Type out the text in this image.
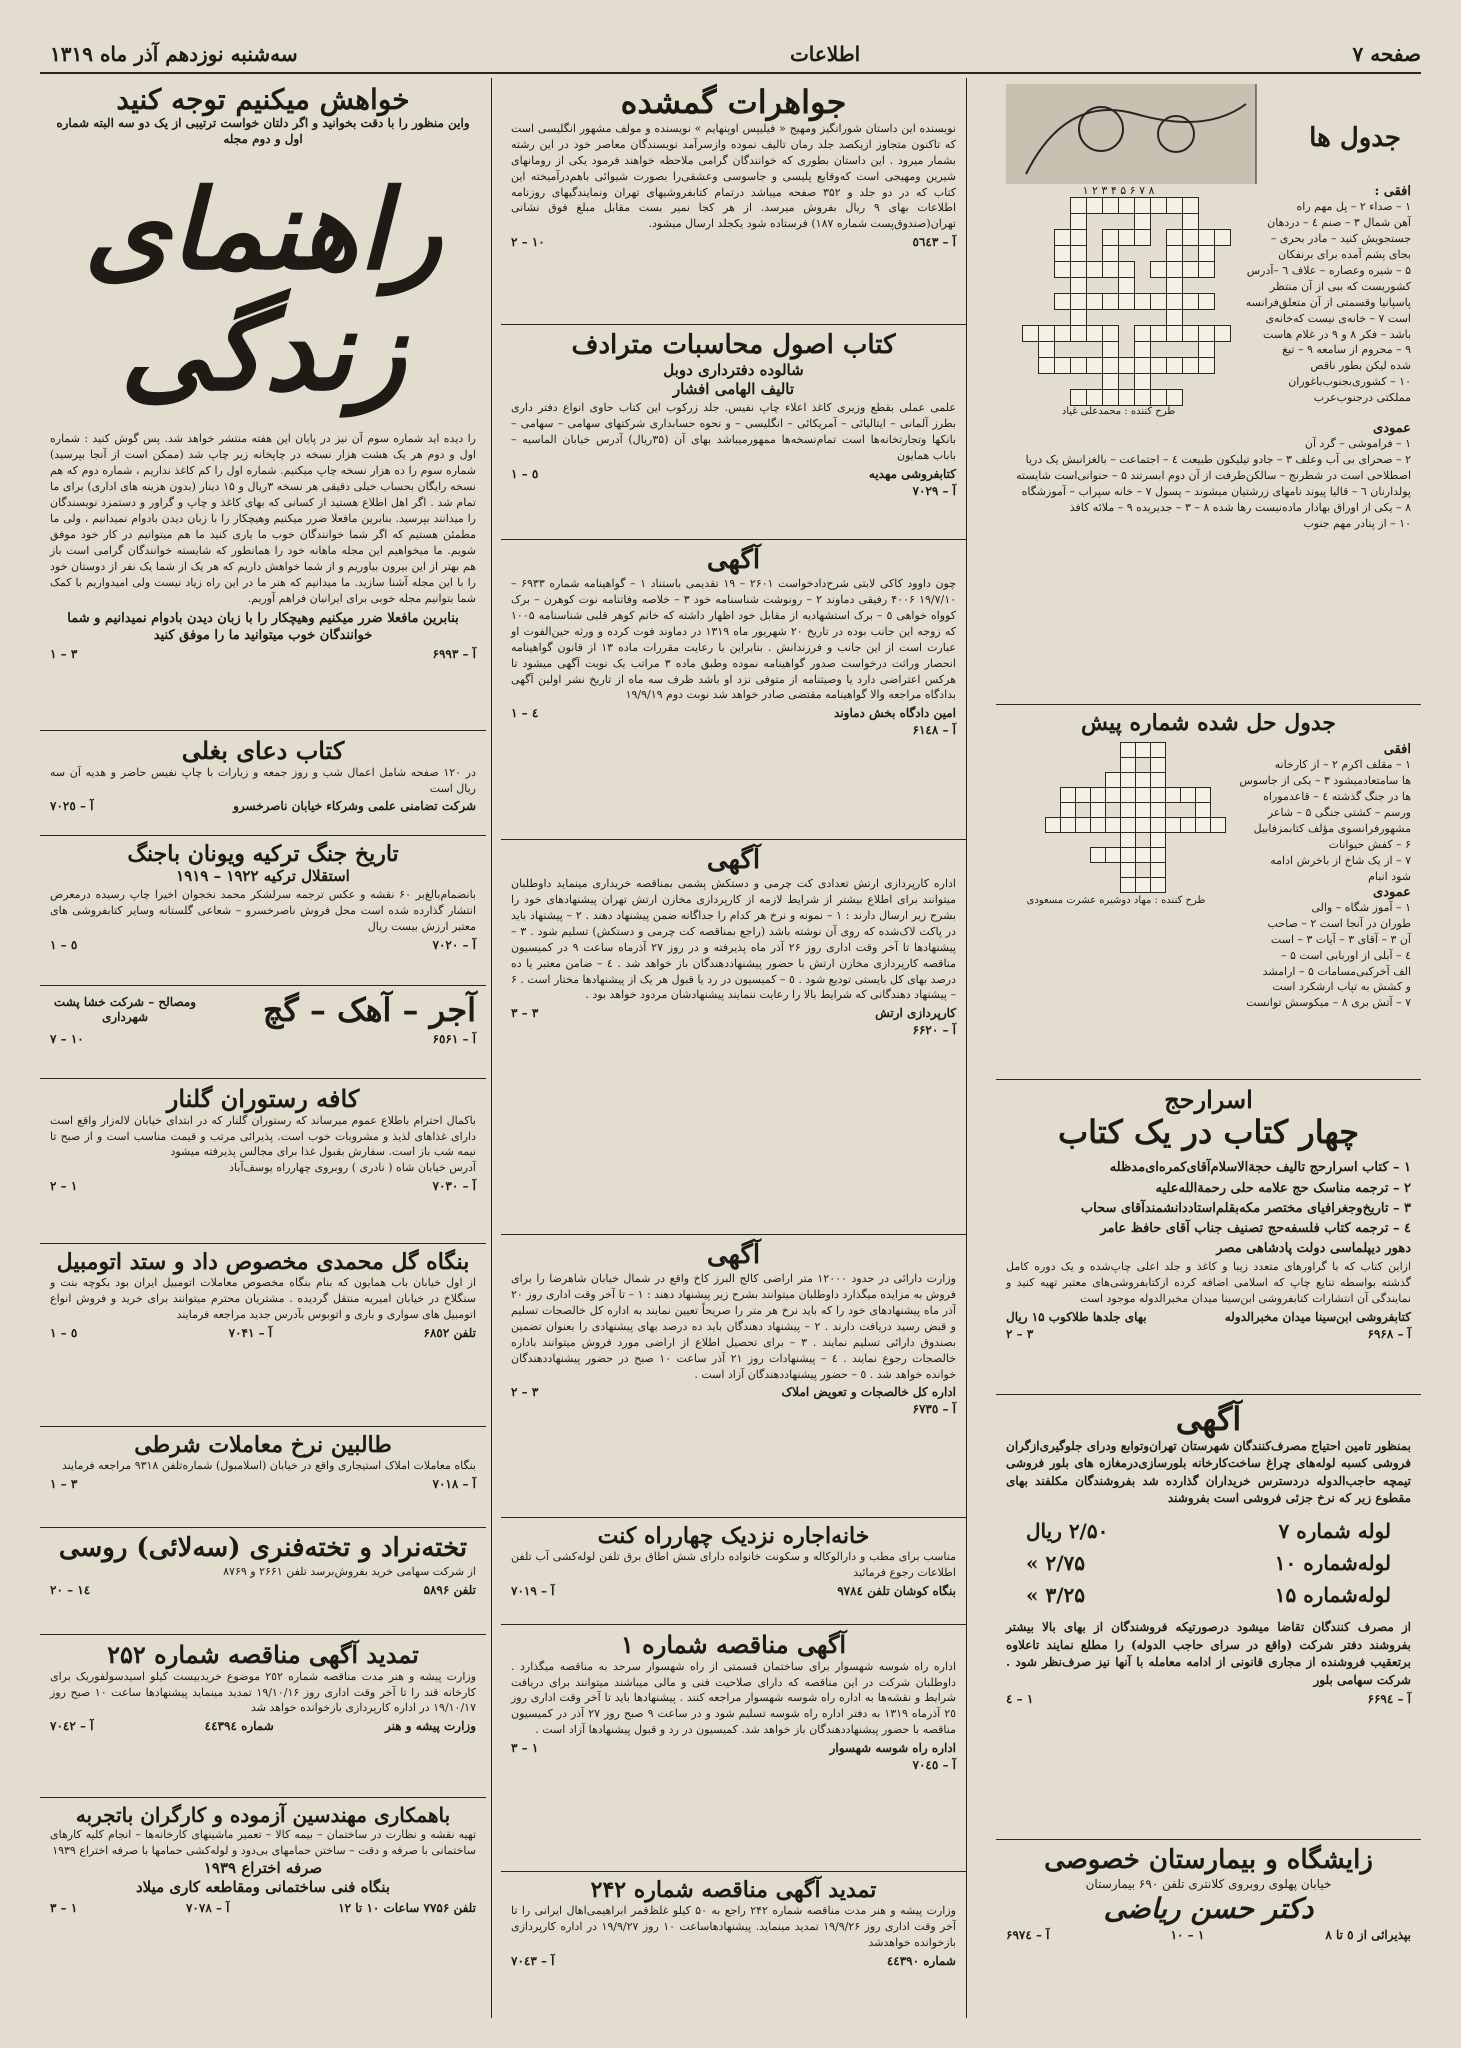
صفحه ۷
اطلاعات
سه‌شنبه نوزدهم آذر ماه ۱۳۱۹
جدول ها
افقی :
۱ – صداء ۲ – پل مهم راه
آهن شمال ۳ – صنم ٤ – دردهان
جستجویش کنید – مادر بحری –
بجای پشم آمده برای برنفکان
۵ – شیره وعصاره – علاف ٦ –آدرس
کشوریست که ببی از آن منتظر
پاسپانیا وقسمتی از آن متعلق‌فرانسه
است ۷ – خانه‌ی نیست که‌خانه‌ی
باشد – فکر ۸ و ۹ در غلام هاست
۹ – محروم از سامعه ۹ – تیغ
شده لیکن بطور ناقص
۱۰ – کشوری‌بجنوب‌باغوران
مملکتی درجنوب‌عرب
۸ ۷ ۶ ۵ ۴ ۳ ۲ ۱

طرح کننده : محمدعلی غیاد
عمودی
۱ – فراموشی – گرد آن
۲ – صحرای بی آب وعلف ۳ – جادو تیلیکون طبیعت ٤ – اجتماعت – بالغزانبش یک دریا
اصطلاحی است در شطرنج – سالکن‌طرفت از آن دوم ابسرتند ۵ – حنوانی‌است شایسته
پولدارنان ٦ – قالیا پیوند نامهای زرشتیان میشوند – پسول ۷ – خانه سپراب – آموزشگاه
۸ – یکی از اوراق بهادار ماده‌نیست رها شده ۸ – ۳ – جدیریده ۹ – ملائه کافذ
۱۰ – از پنادر مهم جنوب
جدول حل شده شماره پیش
افقی
۱ – مقلف اکرم ۲ – از کارخانه
ها سامتعادمیشود ۳ – یکی از جاسوس
ها در جنگ گذشته ٤ – قاعدموراه
ورسم – کشتی جنگی ۵ – شاعر
مشهورفرانسوی مؤلف کتابمزفابیل
۶ – کفش حیوانات
۷ – از یک شاخ از باخرش ادامه
شود انبام
عمودی
۱ – آموز شگاه – والی
طوران در آنجا است ۲ – صاحب
آن ۳ – آقای ۳ – آیات ۳ – است
٤ – آبلی از اوربابی است ۵ –
الف آخرکبی‌مسامات ۵ – ارامشد
و کشش به تپاب ارشکرد است
۷ – آتش بری ۸ – میکوسش توانست

طرح کننده : مهاد دوشیره عشرت مسعودی
اسرارحج
چهار کتاب در یک کتاب
۱ – کتاب اسرارحج تالیف حجة‌الاسلام‌آقای‌کمره‌ای‌مدظله
۲ – ترجمه مناسک حج علامه حلی رحمة‌الله‌علیه
۳ – تاریخ‌وجغرافیای مختصر مکه‌بقلم‌استاددانشمند‌آقای سحاب
٤ – ترجمه کتاب فلسفه‌حج تصنیف جناب آقای حافظ عامر
دهور دیپلماسی دولت پادشاهی مصر
ازاین کتاب که با گراورهای متعدد زیبا و کاغذ و جلد اعلی چاپ‌شده و یک دوره کامل گذشته بواسطه تنایع چاپ که اسلامی اضافه کرده ازکتابفروشی‌های معتبر تهیه کنید و نمایندگی آن انتشارات کتابفروشی ابن‌سینا میدان مخبرالدوله موجود است
کتابفروشی ابن‌سینا میدان مخبرالدوله
بهای جلد‌ها طلاکوب ۱۵ ریال
آ – ۶۹۶۸
۳ – ۲
آگهی
بمنظور تامین احتیاج مصرف‌کنندگان شهرستان تهران‌وتوابع ودرای جلوگیری‌ازگران فروشی کسبه لوله‌های چراغ ساخت‌کارخانه بلورسازی‌درمغازه های بلور فروشی تیمچه حاجب‌الدوله دردسترس خریداران گذارده شد بفروشندگان مکلفند بهای مقطوع زیر که نرخ جزئی فروشی است بفروشند
لوله شماره ۷
۲/۵۰ ریال
لوله‌شماره ۱۰
۲/۷۵ »
لوله‌شماره ۱۵
۳/۲۵ »
از مصرف کنندگان تقاضا میشود درصورتیکه فروشندگان از بهای بالا بیشتر بفروشند دفتر شرکت (واقع در سرای حاجب الدوله) را مطلع نمایند تاعلاوه برتعقیب فروشنده از مجاری قانونی از ادامه معامله با آنها نیز صرف‌نظر شود . شرکت سهامی بلور
آ – ۶۶۹٤
۱ – ٤
زایشگاه و بیمارستان خصوصی
خیابان پهلوی روبروی کلانتری تلفن ۶۹۰ بیمارستان
دکتر حسن ریاضی
بپذیرائی از ٥ تا ٨
۱ – ۱۰
آ – ۶۹۷٤
جواهرات گمشده
نویسنده این داستان شورانگیز ومهیج « فیلیپس اوپنهایم » نویسنده و مولف مشهور انگلیسی است که تاکنون متجاوز ازیکصد جلد رمان تالیف نموده وازسرآمد نویسندگان معاصر خود در این رشته بشمار میرود . این داستان بطوری که خوانندگان گرامی ملاحظه خواهند فرمود یکی از رومانهای شیرین ومهیجی است که‌وقایع پلیسی و جاسوسی وعشقی‌را بصورت شیوائی باهم‌درآمیخته این کتاب که در دو جلد و ۳۵۲ صفحه میباشد درتمام کتابفروشیهای تهران ونمایندگیهای روزنامه اطلاعات بهای ۹ ریال بفروش میرسد. از هر کجا نمیر بست مقابل مبلغ فوق نشانی تهران(صندوق‌پست شماره ۱۸۷) فرستاده شود یکجلد ارسال میشود.
آ – ٥٦٤٣
۱۰ – ۲
کتاب اصول محاسبات مترادف
شالوده دفترداری دوبل
تالیف الهامی افشار
علمی عملی بقطع وزیری کاغذ اعلاء چاپ نفیس. جلد زرکوب این کتاب حاوی انواع دفتر داری بطرز آلمانی – ایتالیائی – آمریکائی – انگلیسی – و نحوه حسابداری شرکتهای سهامی – سهامی – بانکها وتجارتخانه‌ها است تمام‌نسخه‌ها ممهورمیباشد بهای آن (۳۵ریال) آدرس خیابان الماسیه – باباب همایون
کتابفروشی مهدیه
٥ – ۱
آ – ۷۰۲۹
آگهی
چون داوود کاکی لابتی شرح‌دادخواست ۲۶۰۱ – ۱۹ تقدیمی باستناد ۱ – گواهینامه شماره ۶۹۳۳ – ۱۹/۷/۱۰ ۴۰۰۶ رفیقی دماوند ۲ – رونوشت شناسنامه خود ۳ – خلاصه وفاتنامه نوت کوهرن – برک کوواه خواهی ٥ – برک استشهادیه از مقابل خود اظهار داشته که خانم کوهر قلبی ‌شناسنامه ۱۰۰۵ که زوجه‌‌ این جانب بوده در تاریخ ۲۰ شهریور ماه ۱۳۱۹ در دماوند فوت کرده و ورثه حین‌الفوت او عبارت است از این جانب و فرزندانش . بنابراین با رعایت مقررات ماده ۱۳ از قانون گواهینامه انحصار وراثت درخواست صدور گواهینامه نموده وطبق ماده ۳ مراتب یک نوبت آگهی میشود تا هرکس اعتراضی دارد یا وصیتنامه از متوفی نزد او باشد ظرف سه ماه از تاریخ نشر اولین آگهی بدادگاه مراجعه والا گواهینامه مقتضی صادر خواهد شد نوبت دوم ۱۹/۹/۱۹
امین دادگاه بخش دماوند
٤ – ۱
آ – ۶۱٤۸
آگهی
اداره کارپردازی ارتش تعدادی کت چرمی و دستکش پشمی بمناقصه خریداری مینماید داوطلبان میتوانند برای اطلاع بیشتر از شرایط لازمه از کارپردازی مخازن ارتش تهران پیشنهادهای خود را بشرح زیر ارسال دارند : ۱ – نمونه و نرخ هر کدام را جداگانه ضمن پیشنهاد دهند . ۲ – پیشنهاد باید در پاکت لاک‌شده که روی آن نوشته باشد (راجع بمناقصه کت چرمی و دستکش) تسلیم شود . ۳ – پیشنهادها تا آخر وقت اداری روز ۲۶ آذر ماه پذیرفته و در روز ۲۷ آذرماه ساعت ۹ در کمیسیون مناقصه کارپردازی مخازن ارتش با حضور پیشنهاددهندگان باز خواهد شد . ٤ – ضامن معتبر یا ده درصد بهای کل بایستی تودیع شود . ٥ – کمیسیون در رد یا قبول هر یک از پیشنهادها مختار است . ۶ – پیشنهاد دهندگانی که شرایط بالا را رعایت ننمایند پیشنهادشان مردود خواهد بود .
کارپردازی ارتش
۳ – ۳
آ – ۶۶۲۰
آگهی
وزارت دارائی در حدود ۱۲۰۰۰ متر اراضی کالج البرز کاخ واقع در شمال خیابان شاهرضا را برای فروش به مزایده میگذارد داوطلبان میتوانند بشرح زیر پیشنهاد دهند : ۱ – تا آخر وقت اداری روز ۲۰ آذر ماه پیشنهادهای خود را که باید نرخ هر متر را صریحاً تعیین نمایند به اداره کل خالصجات تسلیم و قبض رسید دریافت دارند . ۲ – پیشنهاد دهندگان باید ده درصد بهای پیشنهادی را بعنوان تضمین بصندوق دارائی تسلیم نمایند . ۳ – برای تحصیل اطلاع از اراضی مورد فروش میتوانند باداره خالصجات رجوع نمایند . ٤ – پیشنهادات روز ۲۱ آذر ساعت ۱۰ صبح در حضور پیشنهاددهندگان خوانده خواهد شد . ٥ – حضور پیشنهاددهندگان آزاد است .
اداره کل خالصجات و تعویض املاک
۳ – ۲
آ – ۶۷۳٥
خانه‌اجاره‌ نزدیک چهارراه کنت
مناسب برای مطب و دارالوکاله و سکونت خانواده دارای شش اطاق برق تلفن لوله‌کشی آب تلفن اطلاعات رجوع فرمائید
بنگاه کوشان تلفن ۹۷۸٤
آ – ۷۰۱۹
آگهی مناقصه شماره ۱
اداره راه شوسه شهسوار برای ساختمان قسمتی از راه شهسوار سرحد به مناقصه میگذارد . داوطلبان شرکت در این مناقصه که دارای صلاحیت فنی و مالی میباشند میتوانند برای دریافت شرایط و نقشه‌ها به اداره راه شوسه شهسوار مراجعه کنند . پیشنهادها باید تا آخر وقت اداری روز ۲٥ آذرماه ۱۳۱۹ به دفتر اداره راه شوسه تسلیم شود و در ساعت ۹ صبح روز ۲۷ آذر در کمیسیون مناقصه با حضور پیشنهاددهندگان باز خواهد شد. کمیسیون در رد و قبول پیشنهادها آزاد است .
اداره راه شوسه شهسوار
۱ – ۳
آ – ۷۰٤٥
تمدید آگهی مناقصه شماره ۲۴۲
وزارت پیشه و هنر مدت مناقصه شماره ۲۴۲ راجع به ۵۰ کیلو غلظ‌قمر ابراهیمی‌اهال ایرانی را تا آخر وقت اداری روز ۱۹/۹/۲۶ تمدید مینماید. پیشنهادهاساعت ۱۰ روز ۱۹/۹/۲۷ در اداره کارپردازی بازخوانده خواهدشد
شماره ٤٤٣۹۰
آ – ۷۰٤۳
خواهش میکنیم توجه کنید
واین منظور را با دقت بخوانید و اگر دلتان خواست ترتیبی از یک دو سه البته شماره اول و دوم مجله
راهنمای زندگی
را دیده اید شماره سوم آن نیز در پایان این هفته منتشر خواهد شد. پس گوش کنید : شماره اول و دوم هر یک هشت هزار نسخه در چاپخانه زیر چاپ شد (ممکن است از آنجا بپرسید) شماره سوم را ده هزار نسخه چاپ میکنیم. شماره اول را کم کاغذ نداریم ، شماره دوم که هم نسخه رایگان بحساب خیلی دقیقی هر نسخه ۳ریال و ۱۵ دینار (بدون هزینه های اداری) برای ما تمام شد . اگر اهل اطلاع هستید از کسانی که بهای کاغذ و چاپ و گراور و دستمزد نویسندگان را میدانند بپرسید. بنابرین مافعلا ضرر میکنیم وهیچکار را با زبان دیدن بادوام نمیدانیم ، ولی ما مطمئن هستیم که اگر شما خوانندگان خوب ما یاری کنید ما هم میتوانیم در کار خود موفق شویم. ما میخواهیم این مجله ماهانه خود را همانطور که شایسته خوانندگان گرامی است باز هم بهتر از این بیرون بیاوریم و از شما خواهش داریم که هر یک از شما یک نفر از دوستان خود را با این مجله آشنا سازید. ما میدانیم که هنر ما در این راه زیاد نیست ولی امیدواریم با کمک شما بتوانیم مجله خوبی برای ایرانیان فراهم آوریم.
بنابرین مافعلا ضرر میکنیم وهیچکار را با زبان دیدن بادوام نمیدانیم و شما خوانندگان خوب میتوانید ما را موفق کنید
آ – ۶۹۹۳
۳ – ۱
کتاب دعای بغلی
در ۱۲۰ صفحه شامل اعمال شب و روز جمعه و زیارات با چاپ نفیس حاضر و هدیه آن سه ریال است
شرکت تضامنی علمی وشرکاء خیابان ناصرخسرو
آ – ۷۰۲٥
تاریخ جنگ ترکیه ویونان باجنگ
استقلال ترکیه ۱۹۲۲ – ۱۹۱۹
بانضمام‌بالغ‌بر ۶۰ ‌نقشه و عکس ترجمه سرلشکر محمد نخجوان اخیرا چاپ رسیده درمعرض انتشار گذارده شده است محل فروش ناصرخسرو – شعاعی گلستانه وسایر کتابفروشی های معتبر ارزش بیست ریال
آ – ۷۰۲۰
٥ – ۱
آجر – آهک – گچ
ومصالح – شرکت خشا پشت شهرداری
آ – ۶٥۶۱
۱۰ – ۷
کافه رستوران گلنار
باکمال احترام باطلاع عموم میرساند که رستوران گلنار که در ابتدای خیابان لاله‌زار واقع است دارای غذاهای لذیذ و مشروبات خوب است. پذیرائی مرتب و قیمت مناسب است و از صبح تا نیمه شب باز است. سفارش بقبول غذا برای مجالس پذیرفته میشود
آدرس خیابان شاه ( نادری ) روبروی چهارراه یوسف‌آباد
آ – ۷۰۳۰
۱ – ۲
بنگاه گل محمدی مخصوص داد و ستد اتومبیل
از اول خیابان باب همایون که بنام بنگاه مخصوص معاملات اتومبیل ایران بود بکوچه بنت و سنگلاخ در خیابان امیریه منتقل گردیده . مشتریان محترم میتوانند برای خرید و فروش انواع اتومبیل های سواری و باری و اتوبوس بآدرس جدید مراجعه فرمایند
تلفن ۶۸٥۲
آ – ۷۰۴۱
٥ – ۱
طالبین نرخ معاملات شرطی
بنگاه معاملات املاک استیجاری واقع در خیابان (اسلامبول) شماره‌تلفن ۹۳۱۸ مراجعه فرمایند
آ – ۷۰۱۸
۳ – ۱
تخته‌نراد و تخته‌فنری (سه‌لائی) روسی
از شرکت سهامی خرید بفروش‌برسد تلفن ۲۶۶۱ و ۸۷۶۹
تلفن ۵۸۹۶
۱٤ – ۲۰
تمدید آگهی مناقصه شماره ۲۵۲
وزارت پیشه و هنر مدت مناقصه شماره ۲٥۲ موضوع خریدبیست کیلو اسیدسولفوریک برای کارخانه قند را تا آخر وقت اداری روز ۱۹/۱۰/۱۶ تمدید مینماید پیشنهادها ساعت ۱۰ صبح روز ۱۹/۱۰/۱۷ در اداره کارپردازی بازخوانده خواهد شد
وزارت پیشه و هنر
شماره ٤٤٣۹٤
آ – ۷۰٤۲
باهمکاری مهندسین آزموده و کارگران باتجربه
تهیه نقشه و نظارت در ساختمان – بیمه کالا – تعمیر ماشینهای کارخانه‌ها – انجام‌ کلیه کارهای ساختمانی با صرفه و دقت – ساختن حمامهای بی‌دود و لوله‌کشی حمامها با صرفه اختراع ۱۹۳۹
صرفه اختراع ۱۹۳۹
بنگاه فنی ساختمانی ومقاطعه کاری میلاد
تلفن ۷۷۵۶ ساعات ۱۰ تا ۱۲
آ – ۷۰۷۸
۱ – ۳
